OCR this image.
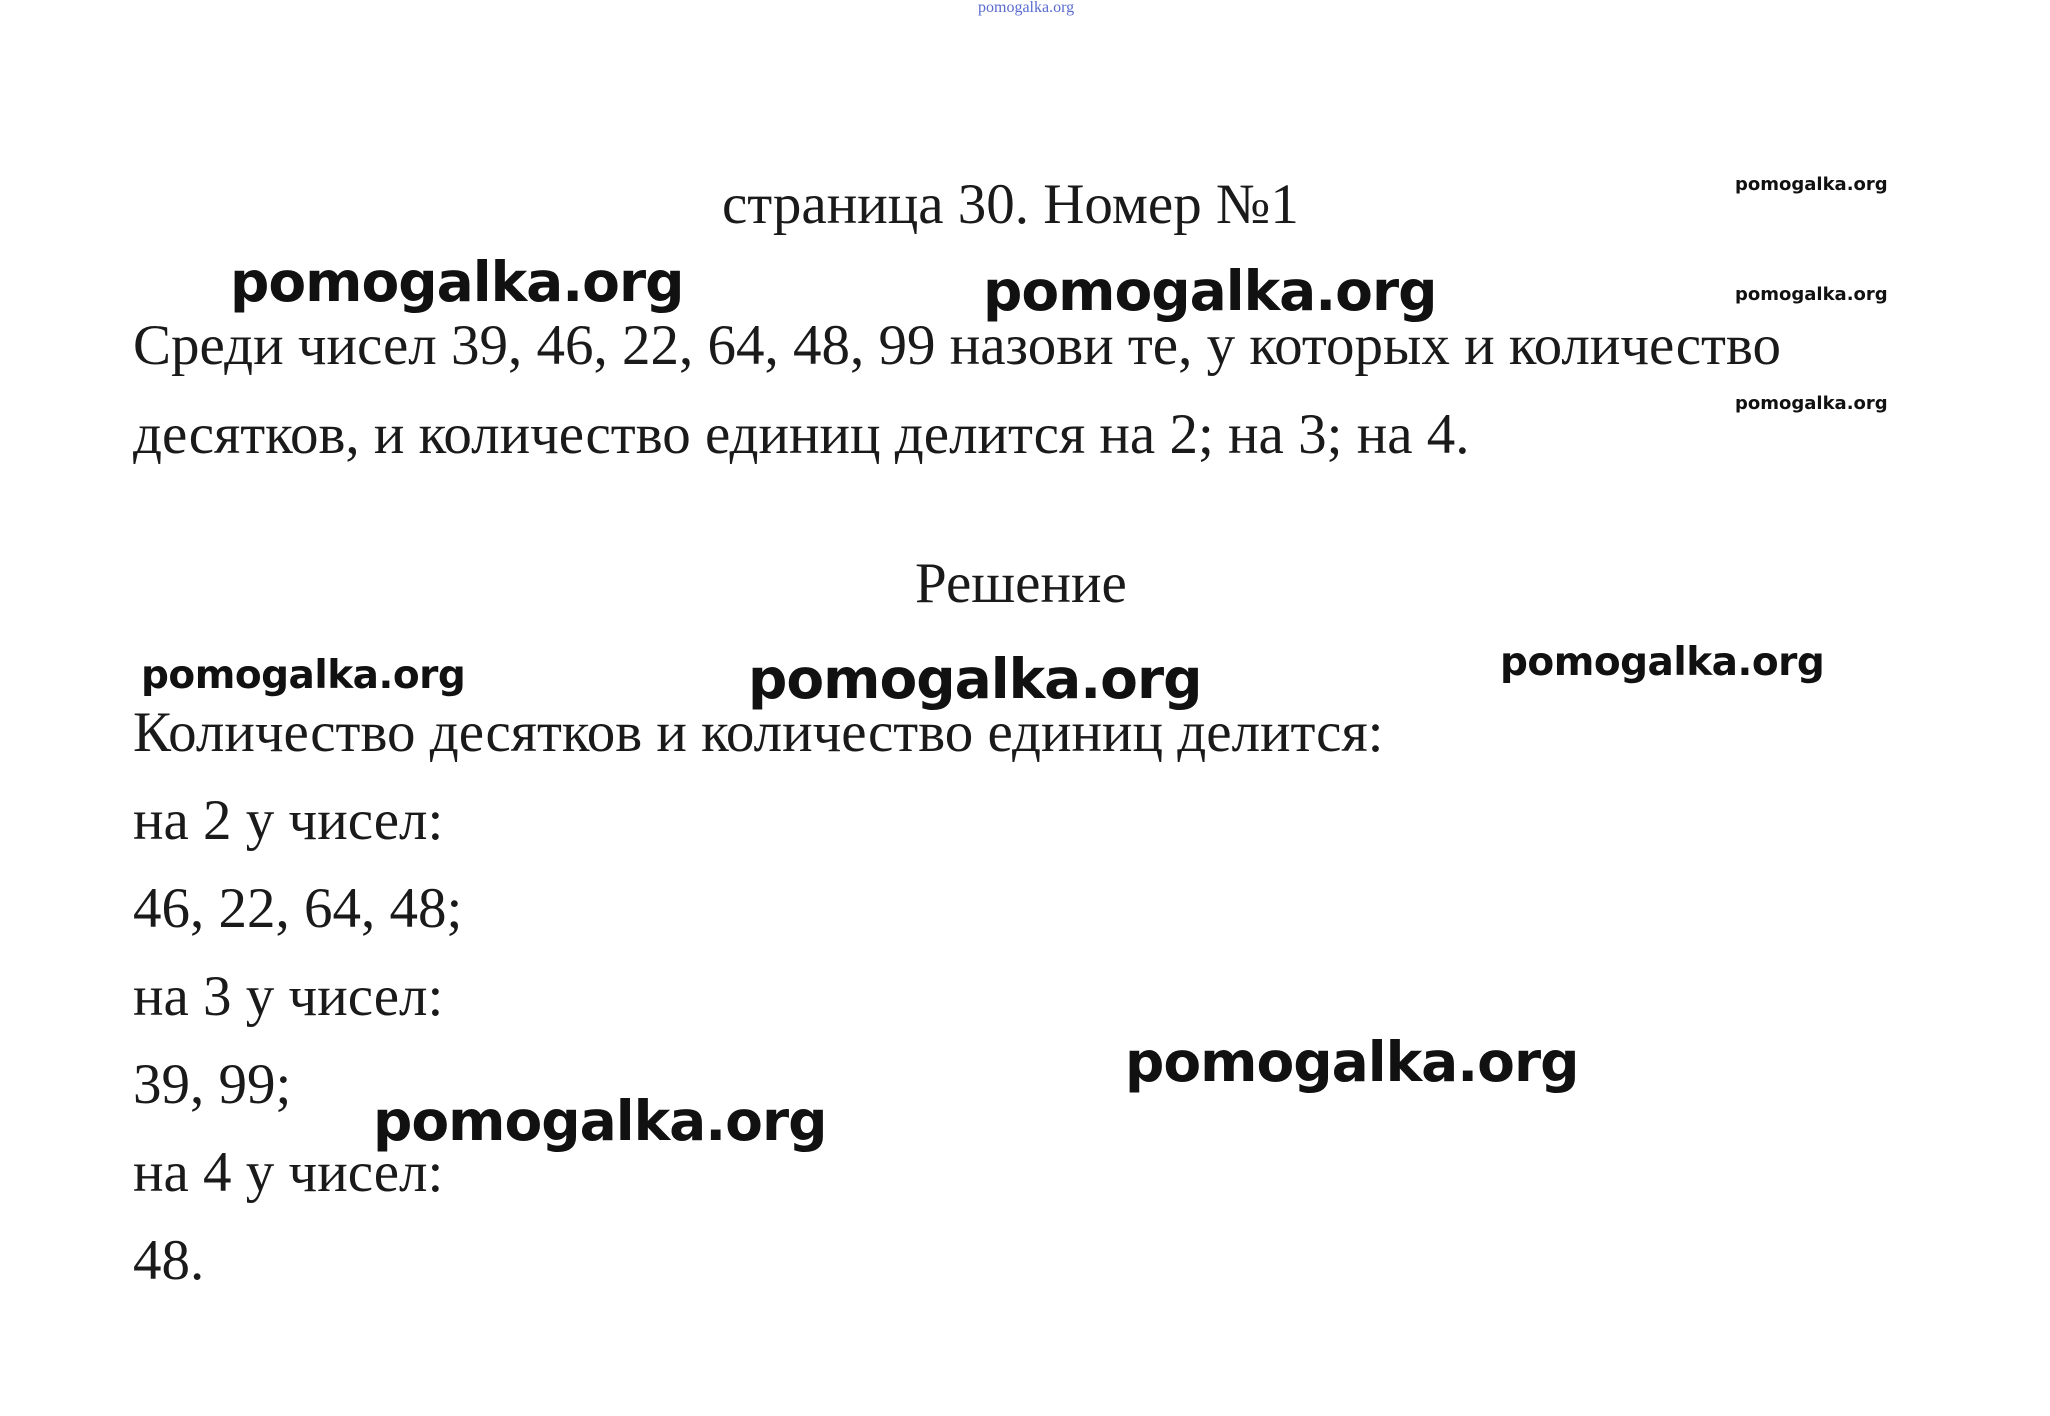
pomogalka.org
страница 30. Номер №1	pomogalka.org
pomogalka.org
pomogalka.org
Среди чисел 39, 46, 22, 64, 48, 99 назови те, у которых и количество
десятков, и количество единиц делится на 2; на 3; на 4.
pomogalka.org	pomogalka.org
Решение
pomogalka.org	pomogalka.org	pomogalka.org
Количество десятков и количество единиц делится:
на 2 у чисел:
46, 22, 64, 48;
на 3 у чисел:
39, 99;
на 4 у чисел:
48.
pomogalka.org
pomogalka.org
